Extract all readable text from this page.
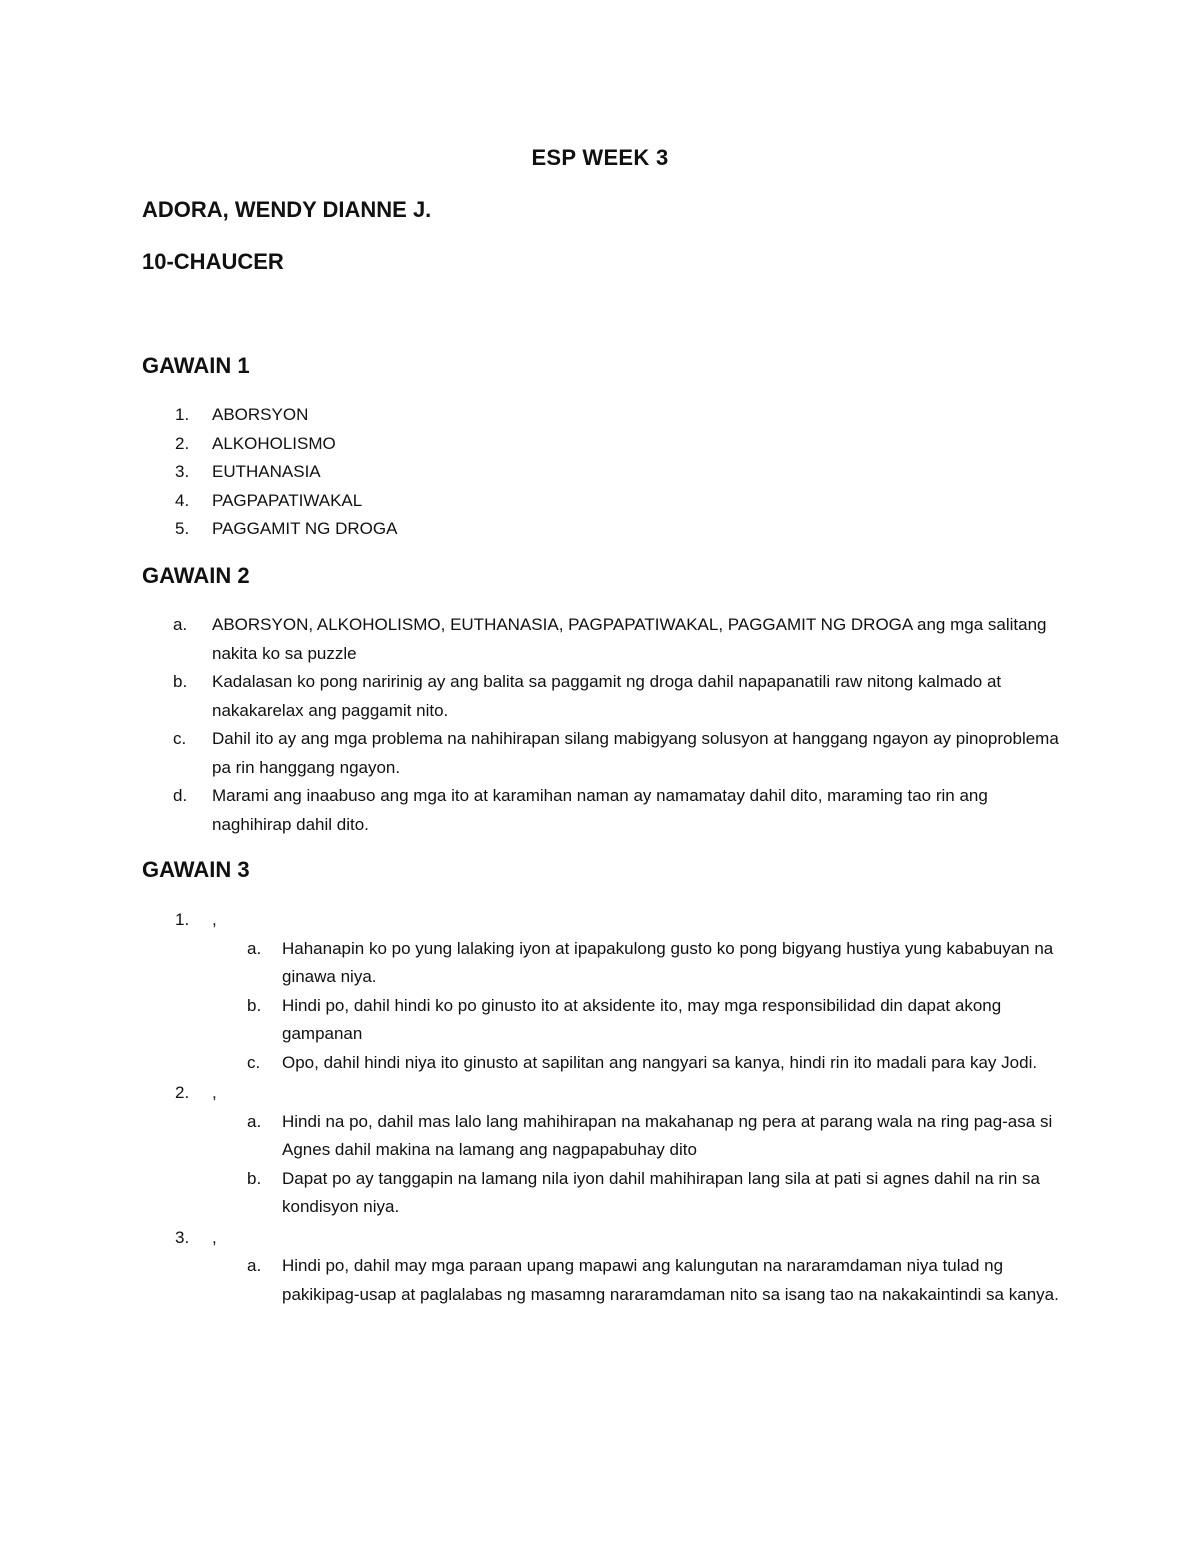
ESP WEEK 3
ADORA, WENDY DIANNE J.
10-CHAUCER
GAWAIN 1
1.	ABORSYON
2.	ALKOHOLISMO
3.	EUTHANASIA
4.	PAGPAPATIWAKAL
5.	PAGGAMIT NG DROGA
GAWAIN 2
a.	ABORSYON, ALKOHOLISMO, EUTHANASIA, PAGPAPATIWAKAL, PAGGAMIT NG DROGA ang mga salitang nakita ko sa puzzle
b.	Kadalasan ko pong naririnig ay ang balita sa paggamit ng droga dahil napapanatili raw nitong kalmado at nakakarelax ang paggamit nito.
c.	Dahil ito ay ang mga problema na nahihirapan silang mabigyang solusyon at hanggang ngayon ay pinoproblema pa rin hanggang ngayon.
d.	Marami ang inaabuso ang mga ito at karamihan naman ay namamatay dahil dito, maraming tao rin ang naghihirap dahil dito.
GAWAIN 3
1.	,
a.	Hahanapin ko po yung lalaking iyon at ipapakulong gusto ko pong bigyang hustiya yung kababuyan na ginawa niya.
b.	Hindi po, dahil hindi ko po ginusto ito at aksidente ito, may mga responsibilidad din dapat akong gampanan
c.	Opo, dahil hindi niya ito ginusto at sapilitan ang nangyari sa kanya, hindi rin ito madali para kay Jodi.
2.	,
a.	Hindi na po, dahil mas lalo lang mahihirapan na makahanap ng pera at parang wala na ring pag-asa si Agnes dahil makina na lamang ang nagpapabuhay dito
b.	Dapat po ay tanggapin na lamang nila iyon dahil mahihirapan lang sila at pati si agnes dahil na rin sa kondisyon niya.
3.	,
a.	Hindi po, dahil may mga paraan upang mapawi ang kalungutan na nararamdaman niya tulad ng pakikipag-usap at paglalabas ng masamng nararamdaman nito sa isang tao na nakakaintindi sa kanya.
